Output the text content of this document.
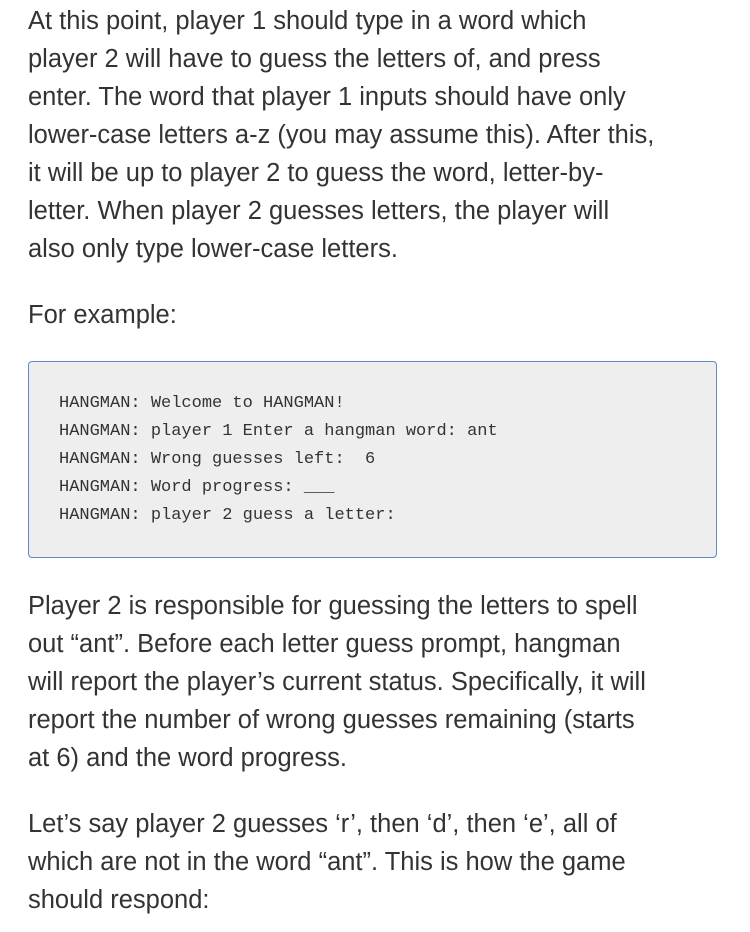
At this point, player 1 should type in a word which
player 2 will have to guess the letters of, and press
enter. The word that player 1 inputs should have only
lower-case letters a-z (you may assume this). After this,
it will be up to player 2 to guess the word, letter-by-
letter. When player 2 guesses letters, the player will
also only type lower-case letters.

For example:

HANGMAN: Welcome to HANGMAN!
HANGMAN: player 1 Enter a hangman word: ant
HANGMAN: Wrong guesses left:  6
HANGMAN: Word progress: ___
HANGMAN: player 2 guess a letter:

Player 2 is responsible for guessing the letters to spell
out “ant”. Before each letter guess prompt, hangman
will report the player’s current status. Specifically, it will
report the number of wrong guesses remaining (starts
at 6) and the word progress.

Let’s say player 2 guesses ‘r’, then ‘d’, then ‘e’, all of
which are not in the word “ant”. This is how the game
should respond:
